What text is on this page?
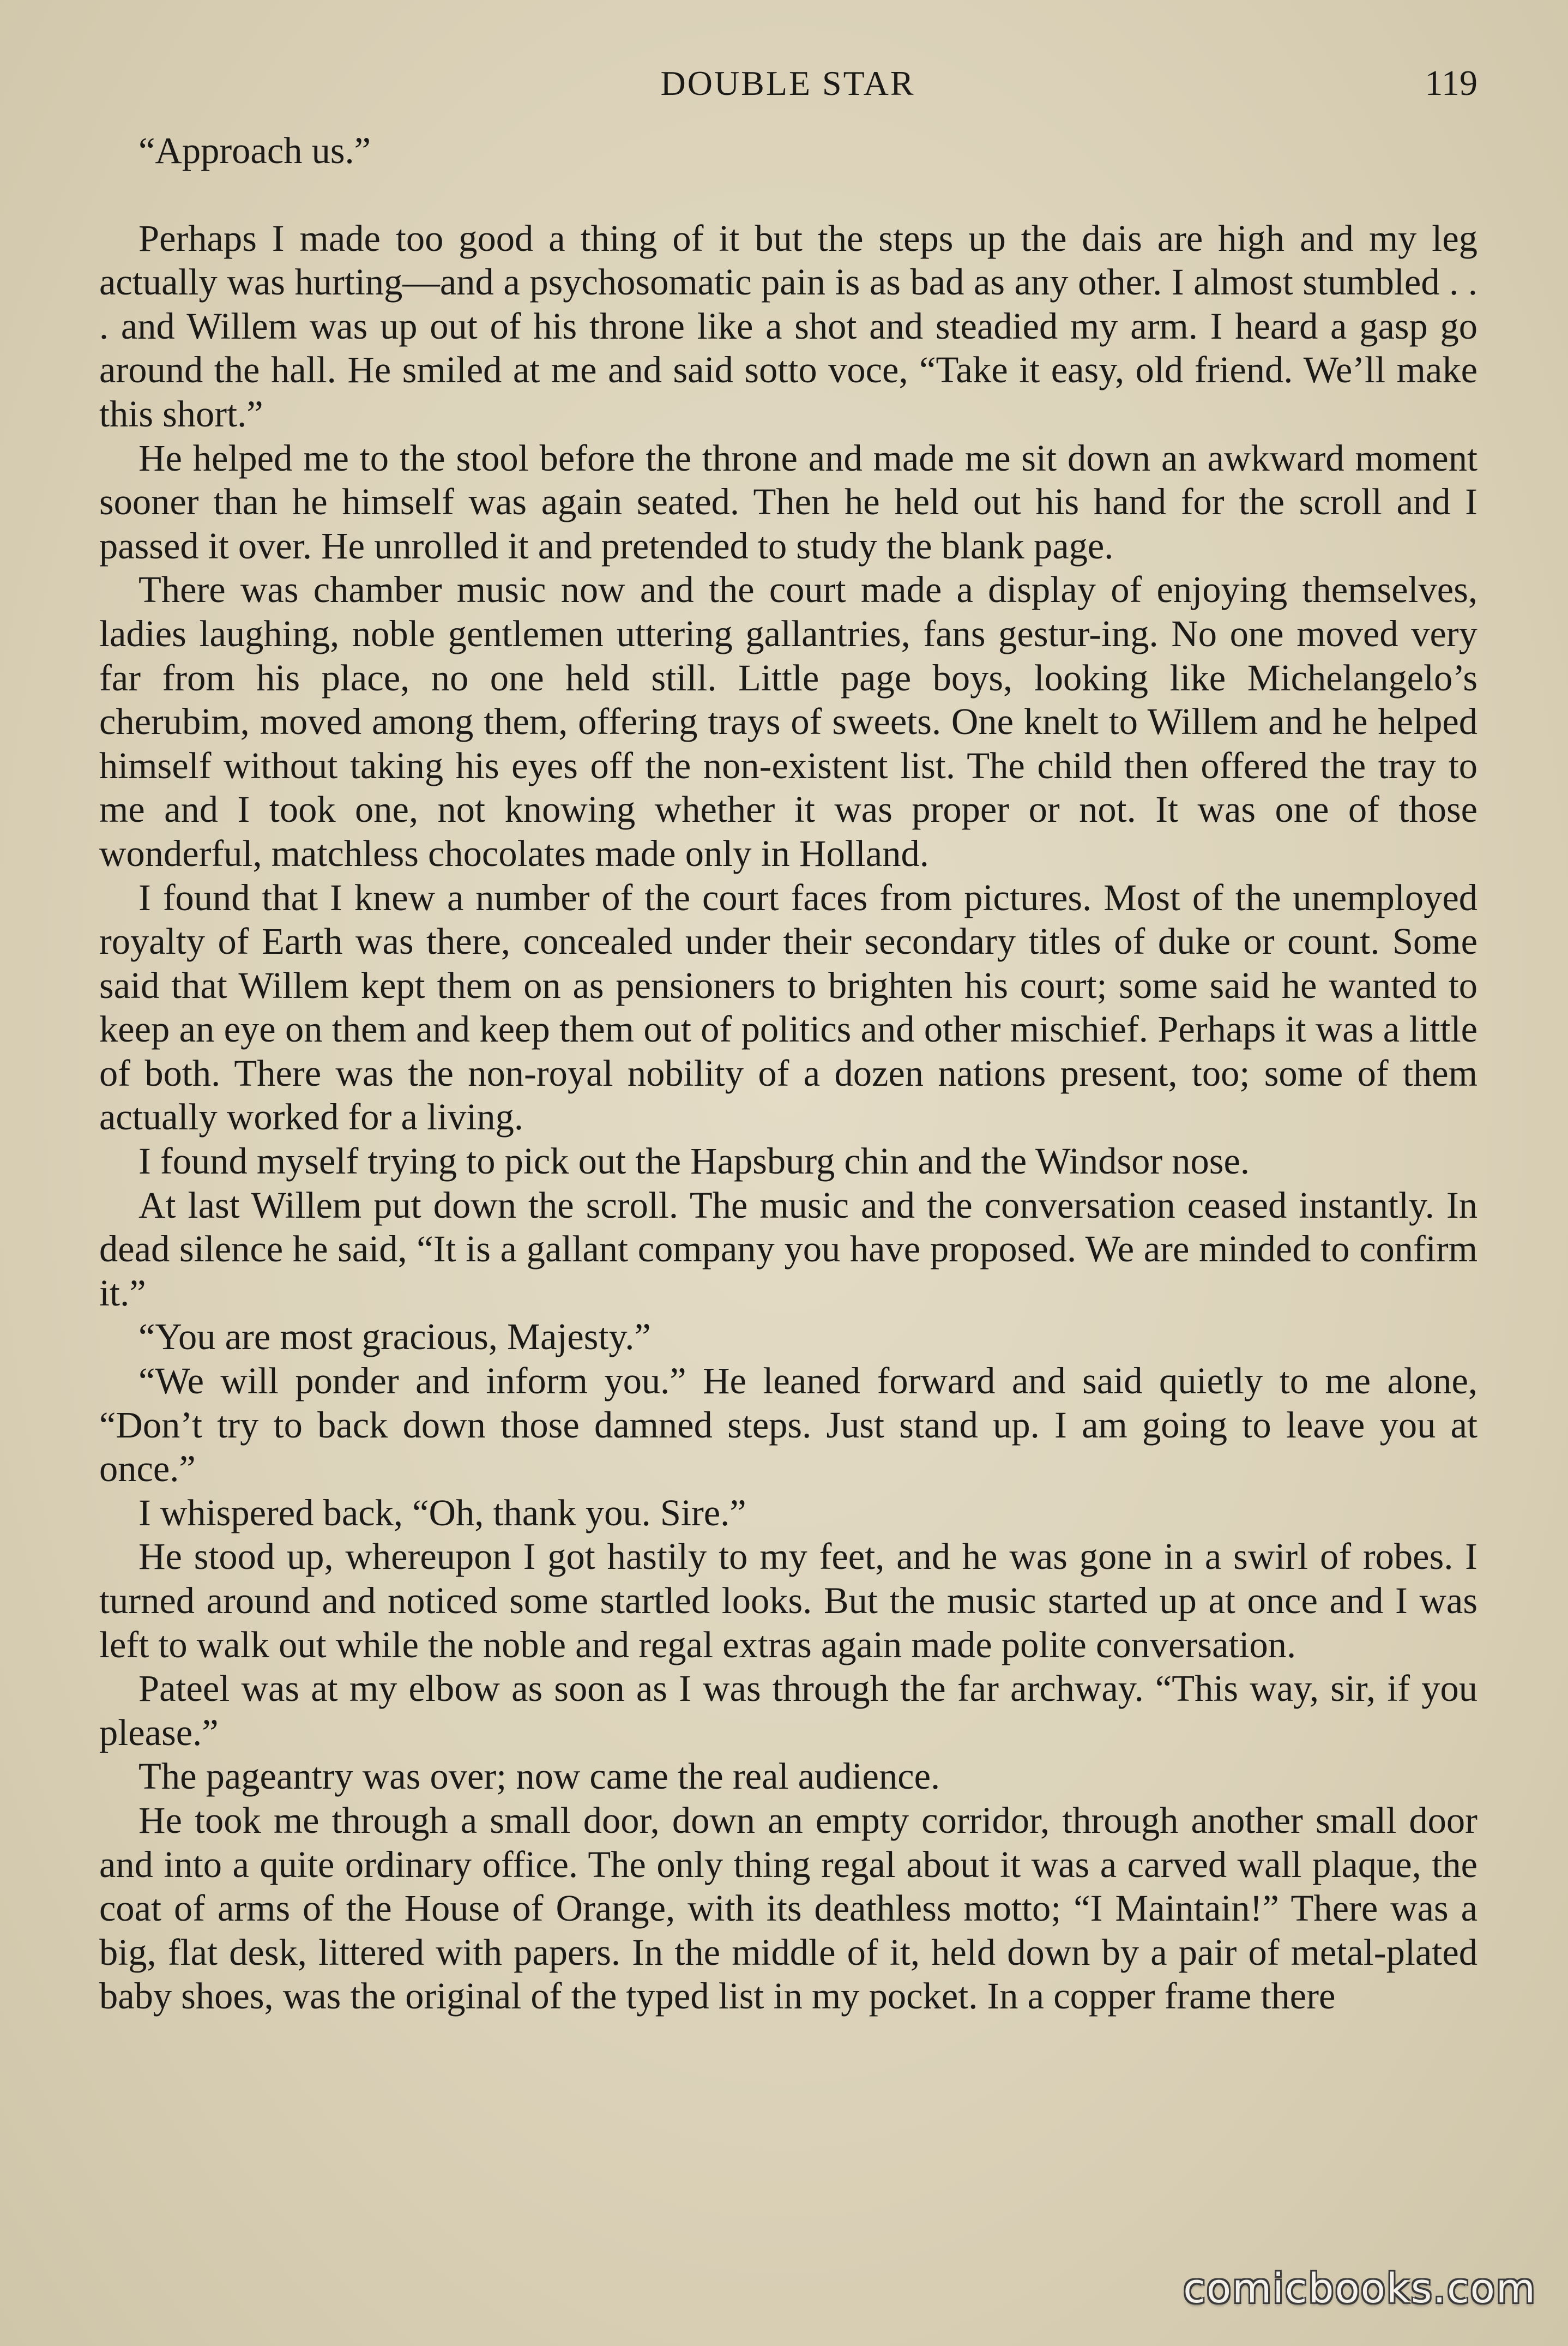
DOUBLE STAR	119

“Approach us.”

Perhaps I made too good a thing of it but the steps up the dais are high and my leg actually was hurting—and a psychosomatic pain is as bad as any other. I almost stumbled . . . and Willem was up out of his throne like a shot and steadied my arm. I heard a gasp go around the hall. He smiled at me and said sotto voce, “Take it easy, old friend. We’ll make this short.”

He helped me to the stool before the throne and made me sit down an awkward moment sooner than he himself was again seated. Then he held out his hand for the scroll and I passed it over. He unrolled it and pretended to study the blank page.

There was chamber music now and the court made a display of enjoying themselves, ladies laughing, noble gentlemen uttering gallantries, fans gestur-ing. No one moved very far from his place, no one held still. Little page boys, looking like Michelangelo’s cherubim, moved among them, offering trays of sweets. One knelt to Willem and he helped himself without taking his eyes off the non-existent list. The child then offered the tray to me and I took one, not knowing whether it was proper or not. It was one of those wonderful, matchless chocolates made only in Holland.

I found that I knew a number of the court faces from pictures. Most of the unemployed royalty of Earth was there, concealed under their secondary titles of duke or count. Some said that Willem kept them on as pensioners to brighten his court; some said he wanted to keep an eye on them and keep them out of politics and other mischief. Perhaps it was a little of both. There was the non-royal nobility of a dozen nations present, too; some of them actually worked for a living.

I found myself trying to pick out the Hapsburg chin and the Windsor nose.

At last Willem put down the scroll. The music and the conversation ceased instantly. In dead silence he said, “It is a gallant company you have proposed. We are minded to confirm it.”

“You are most gracious, Majesty.”

“We will ponder and inform you.” He leaned forward and said quietly to me alone, “Don’t try to back down those damned steps. Just stand up. I am going to leave you at once.”

I whispered back, “Oh, thank you. Sire.”

He stood up, whereupon I got hastily to my feet, and he was gone in a swirl of robes. I turned around and noticed some startled looks. But the music started up at once and I was left to walk out while the noble and regal extras again made polite conversation.

Pateel was at my elbow as soon as I was through the far archway. “This way, sir, if you please.”

The pageantry was over; now came the real audience.

He took me through a small door, down an empty corridor, through another small door and into a quite ordinary office. The only thing regal about it was a carved wall plaque, the coat of arms of the House of Orange, with its deathless motto; “I Maintain!” There was a big, flat desk, littered with papers. In the middle of it, held down by a pair of metal-plated baby shoes, was the original of the typed list in my pocket. In a copper frame there

comicbooks.com
